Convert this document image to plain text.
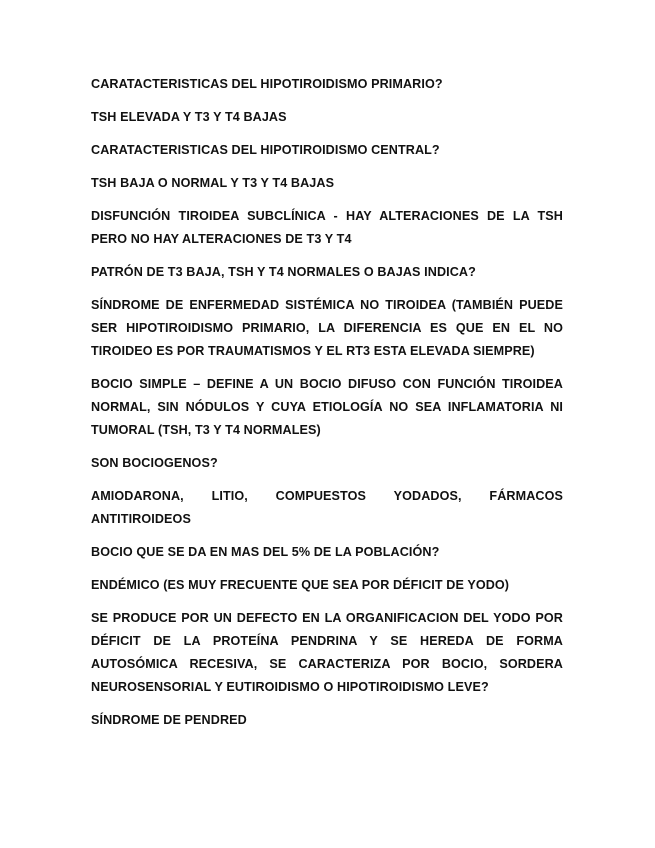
CARATACTERISTICAS DEL HIPOTIROIDISMO PRIMARIO?

TSH ELEVADA Y T3 Y T4 BAJAS

CARATACTERISTICAS DEL HIPOTIROIDISMO CENTRAL?

TSH BAJA O NORMAL Y T3 Y T4 BAJAS

DISFUNCIÓN TIROIDEA SUBCLÍNICA - HAY ALTERACIONES DE LA TSH PERO NO HAY ALTERACIONES DE T3 Y T4

PATRÓN DE T3 BAJA, TSH Y T4 NORMALES O BAJAS INDICA?

SÍNDROME DE ENFERMEDAD SISTÉMICA NO TIROIDEA (TAMBIÉN PUEDE SER HIPOTIROIDISMO PRIMARIO, LA DIFERENCIA ES QUE EN EL NO TIROIDEO ES POR TRAUMATISMOS Y EL RT3 ESTA ELEVADA SIEMPRE)

BOCIO SIMPLE – DEFINE A UN BOCIO DIFUSO CON FUNCIÓN TIROIDEA NORMAL, SIN NÓDULOS Y CUYA ETIOLOGÍA NO SEA INFLAMATORIA NI TUMORAL (TSH, T3 Y T4 NORMALES)

SON BOCIOGENOS?

AMIODARONA, LITIO, COMPUESTOS YODADOS, FÁRMACOS ANTITIROIDEOS

BOCIO QUE SE DA EN MAS DEL 5% DE LA POBLACIÓN?

ENDÉMICO (ES MUY FRECUENTE QUE SEA POR DÉFICIT DE YODO)

SE PRODUCE POR UN DEFECTO EN LA ORGANIFICACION DEL YODO POR DÉFICIT DE LA PROTEÍNA PENDRINA Y SE HEREDA DE FORMA AUTOSÓMICA RECESIVA, SE CARACTERIZA POR BOCIO, SORDERA NEUROSENSORIAL Y EUTIROIDISMO O HIPOTIROIDISMO LEVE?

SÍNDROME DE PENDRED
